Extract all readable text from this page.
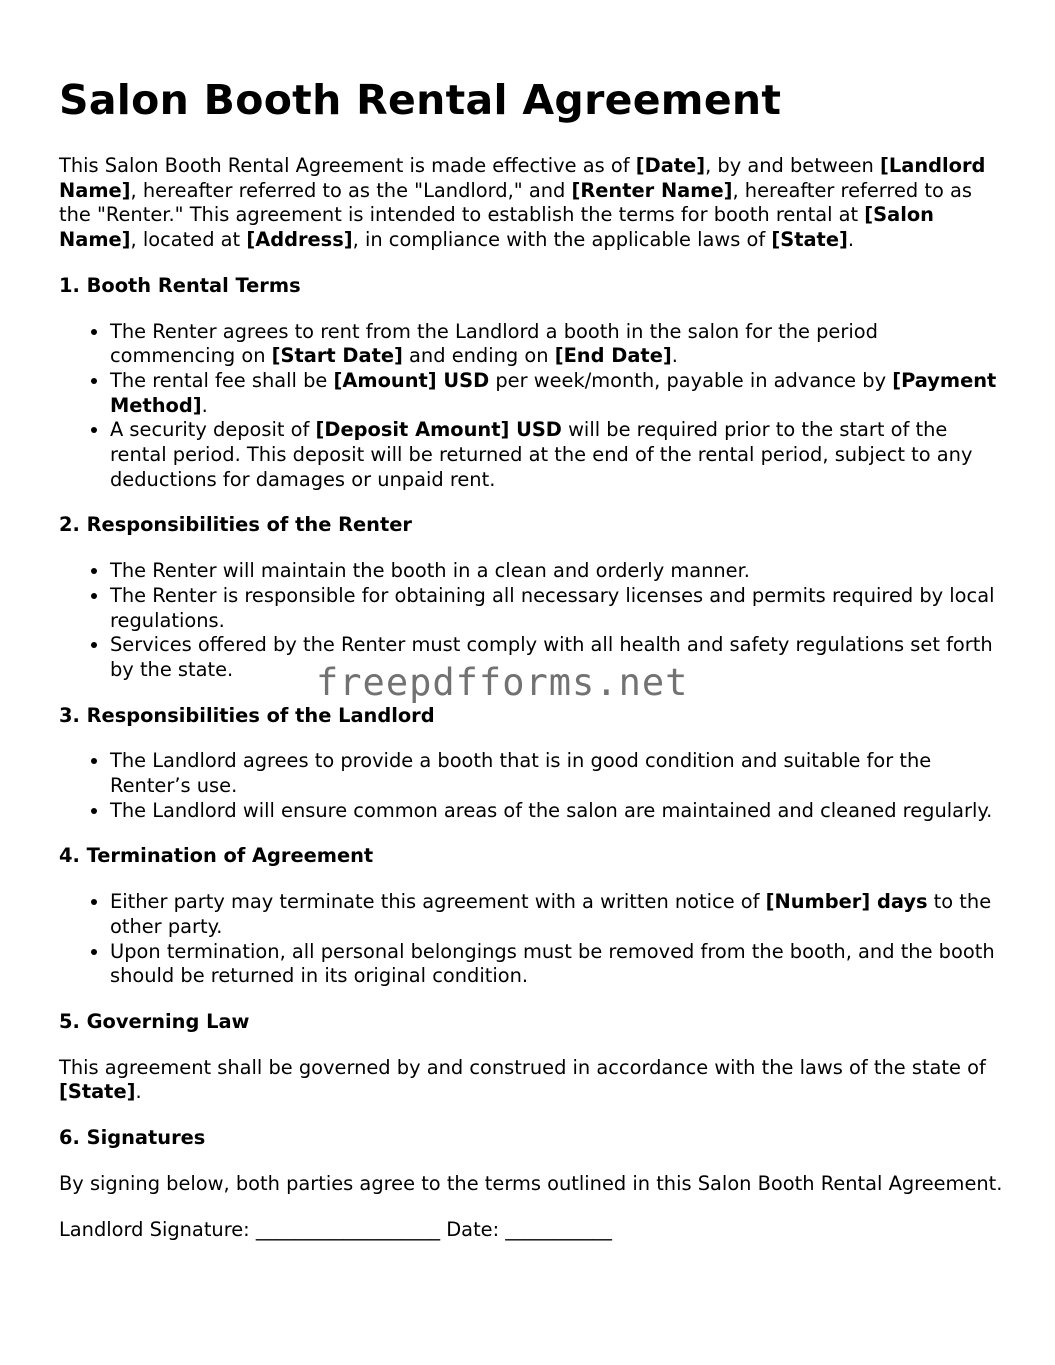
Salon Booth Rental Agreement

This Salon Booth Rental Agreement is made effective as of [Date], by and between [Landlord Name], hereafter referred to as the "Landlord," and [Renter Name], hereafter referred to as the "Renter." This agreement is intended to establish the terms for booth rental at [Salon Name], located at [Address], in compliance with the applicable laws of [State].

1. Booth Rental Terms
• The Renter agrees to rent from the Landlord a booth in the salon for the period commencing on [Start Date] and ending on [End Date].
• The rental fee shall be [Amount] USD per week/month, payable in advance by [Payment Method].
• A security deposit of [Deposit Amount] USD will be required prior to the start of the rental period. This deposit will be returned at the end of the rental period, subject to any deductions for damages or unpaid rent.
2. Responsibilities of the Renter
• The Renter will maintain the booth in a clean and orderly manner.
• The Renter is responsible for obtaining all necessary licenses and permits required by local regulations.
• Services offered by the Renter must comply with all health and safety regulations set forth by the state.
3. Responsibilities of the Landlord
• The Landlord agrees to provide a booth that is in good condition and suitable for the Renter’s use.
• The Landlord will ensure common areas of the salon are maintained and cleaned regularly.
4. Termination of Agreement
• Either party may terminate this agreement with a written notice of [Number] days to the other party.
• Upon termination, all personal belongings must be removed from the booth, and the booth should be returned in its original condition.
5. Governing Law

This agreement shall be governed by and construed in accordance with the laws of the state of [State].

6. Signatures

By signing below, both parties agree to the terms outlined in this Salon Booth Rental Agreement.

Landlord Signature: ___________________ Date: ___________

freepdfforms.net
